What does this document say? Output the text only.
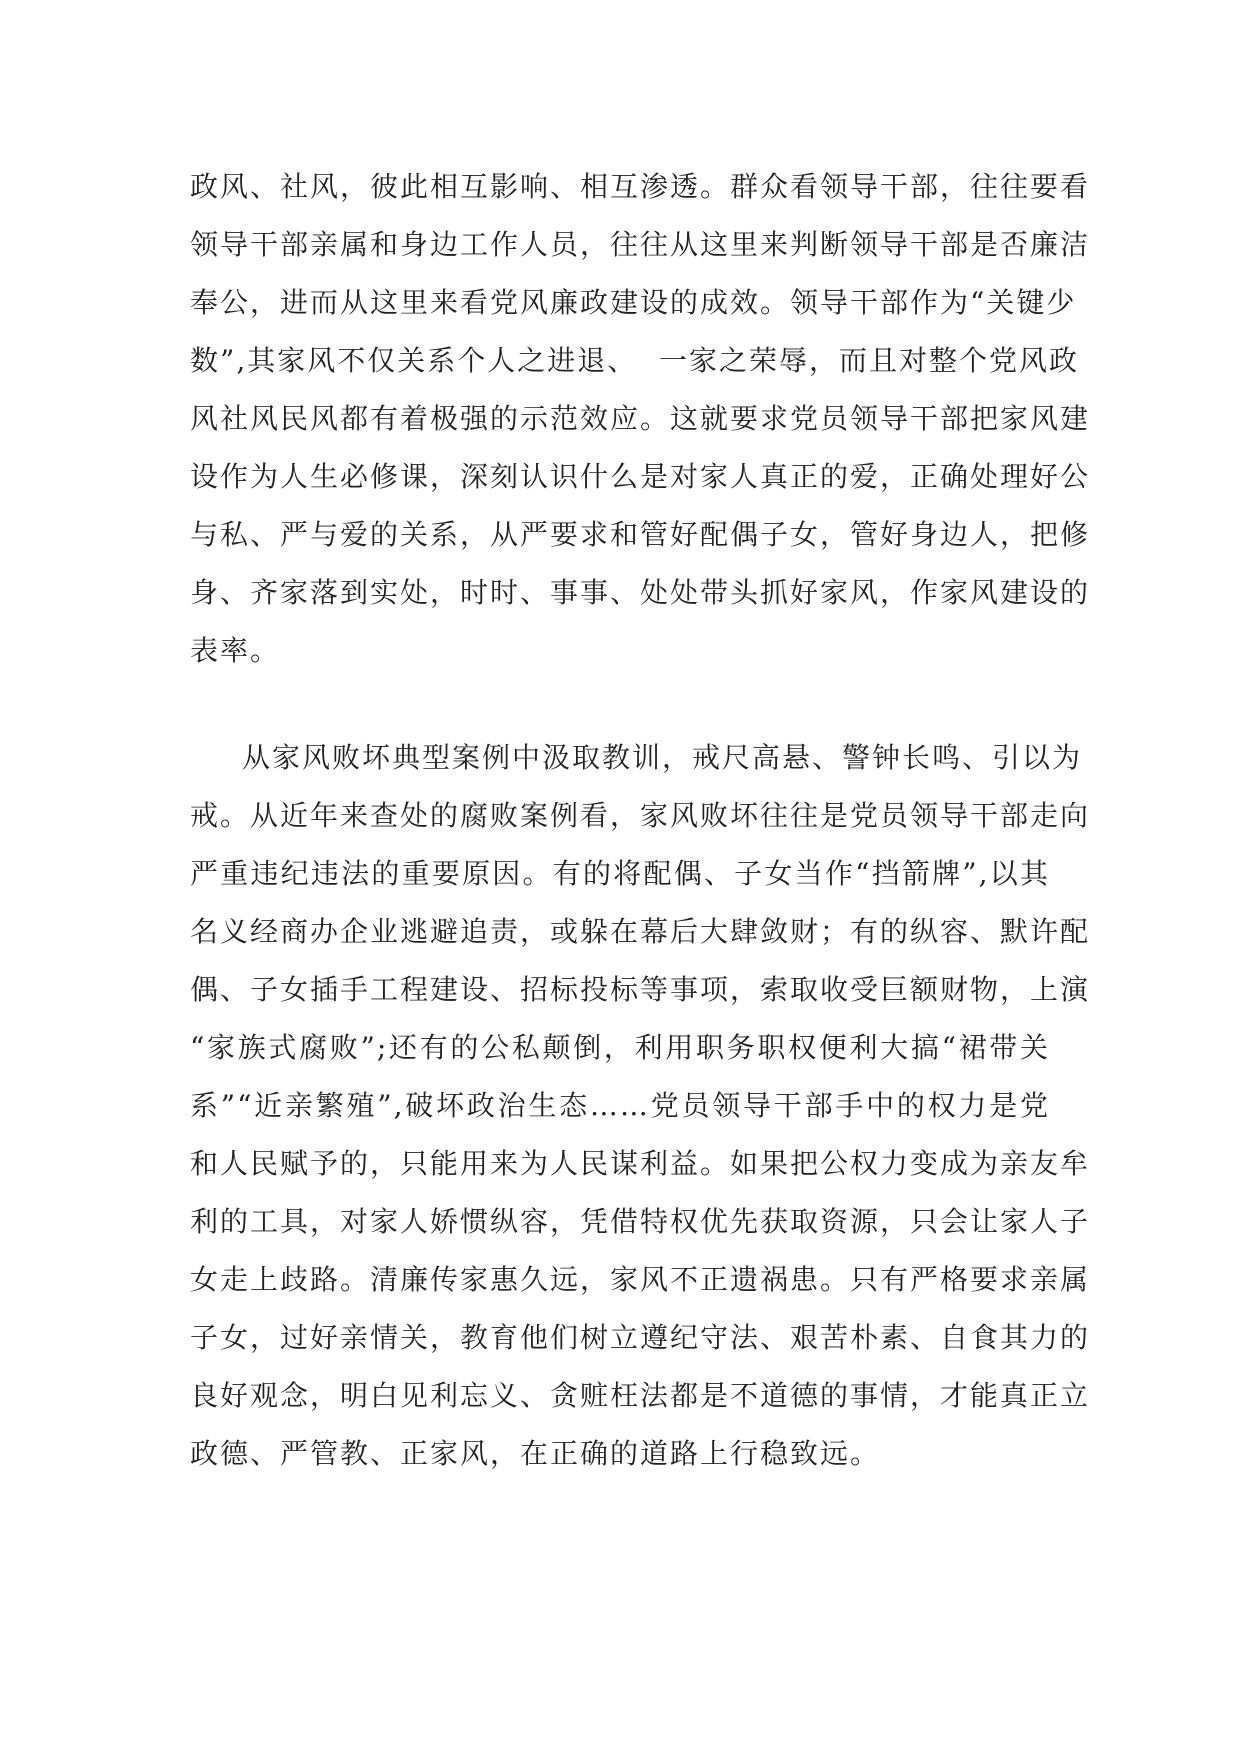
政风、社风，彼此相互影响、相互渗透。群众看领导干部，往往要看
领导干部亲属和身边工作人员，往往从这里来判断领导干部是否廉洁
奉公，进而从这里来看党风廉政建设的成效。领导干部作为“关键少
数”,其家风不仅关系个人之进退、  一家之荣辱，而且对整个党风政
风社风民风都有着极强的示范效应。这就要求党员领导干部把家风建
设作为人生必修课，深刻认识什么是对家人真正的爱，正确处理好公
与私、严与爱的关系，从严要求和管好配偶子女，管好身边人，把修
身、齐家落到实处，时时、事事、处处带头抓好家风，作家风建设的
表率。
从家风败坏典型案例中汲取教训，戒尺高悬、警钟长鸣、引以为
戒。从近年来查处的腐败案例看，家风败坏往往是党员领导干部走向
严重违纪违法的重要原因。有的将配偶、子女当作“挡箭牌”,以其
名义经商办企业逃避追责，或躲在幕后大肆敛财；有的纵容、默许配
偶、子女插手工程建设、招标投标等事项，索取收受巨额财物，上演
“家族式腐败”;还有的公私颠倒，利用职务职权便利大搞“裙带关
系”“近亲繁殖”,破坏政治生态……党员领导干部手中的权力是党
和人民赋予的，只能用来为人民谋利益。如果把公权力变成为亲友牟
利的工具，对家人娇惯纵容，凭借特权优先获取资源，只会让家人子
女走上歧路。清廉传家惠久远，家风不正遗祸患。只有严格要求亲属
子女，过好亲情关，教育他们树立遵纪守法、艰苦朴素、自食其力的
良好观念，明白见利忘义、贪赃枉法都是不道德的事情，才能真正立
政德、严管教、正家风，在正确的道路上行稳致远。
